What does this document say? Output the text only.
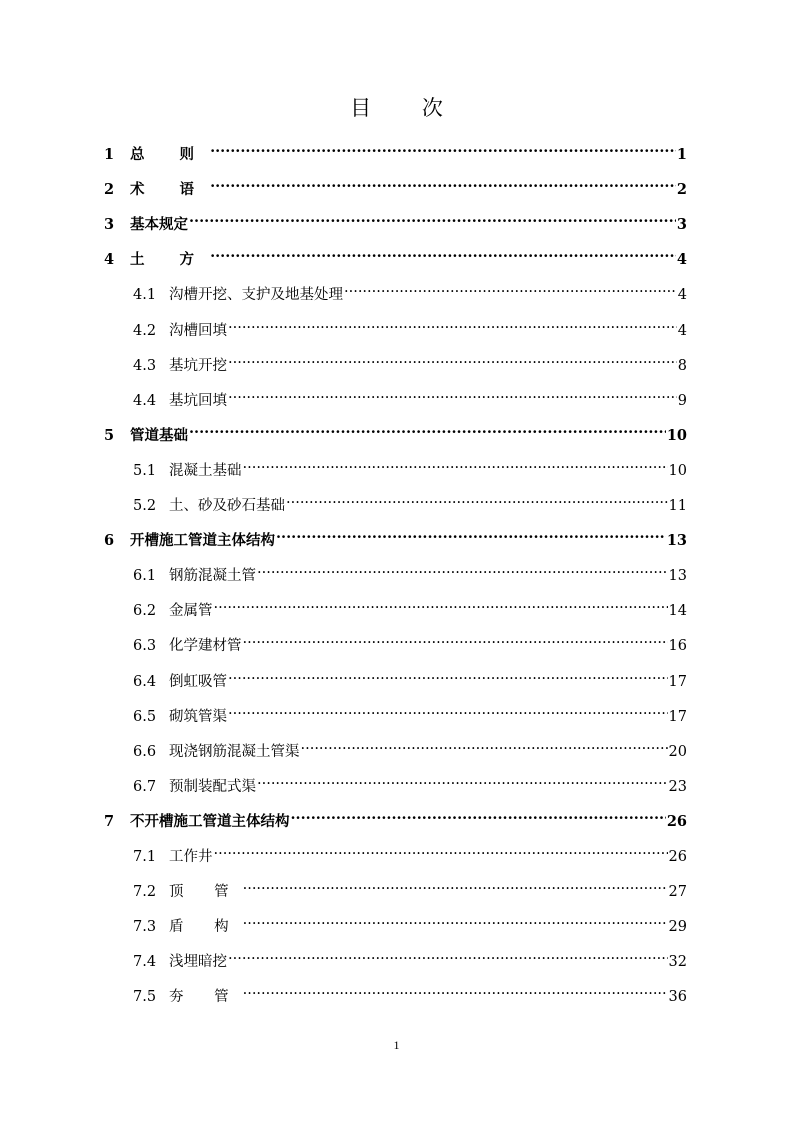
目 次
1	总 则 .....	1
2	术 语 .....	2
3	基本规定 .....	3
4	土 方 .....	4
4.1 沟槽开挖、支护及地基处理 .....	4
4.2 沟槽回填 .....	4
4.3 基坑开挖 .....	8
4.4 基坑回填 .....	9
5	管道基础 .....	10
5.1 混凝土基础 .....	10
5.2 土、砂及砂石基础 .....	11
6	开槽施工管道主体结构 .....	13
6.1 钢筋混凝土管 .....	13
6.2 金属管 .....	14
6.3 化学建材管 .....	16
6.4 倒虹吸管 .....	17
6.5 砌筑管渠 .....	17
6.6 现浇钢筋混凝土管渠 .....	20
6.7 预制装配式渠 .....	23
7	不开槽施工管道主体结构 .....	26
7.1 工作井 .....	26
7.2 顶 管 .....	27
7.3 盾 构 .....	29
7.4 浅埋暗挖 .....	32
7.5 夯 管 .....	36
1
